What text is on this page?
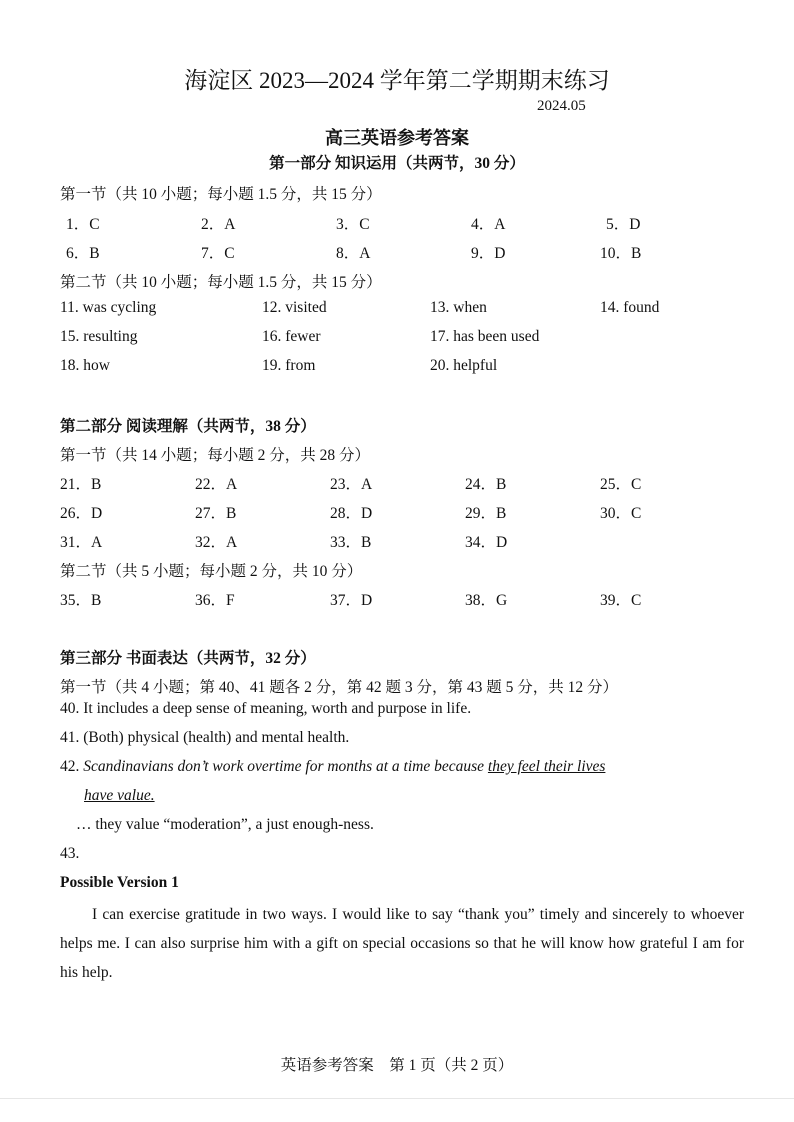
海淀区 2023—2024 学年第二学期期末练习
2024.05
高三英语参考答案
第一部分 知识运用（共两节，30 分）
第一节（共 10 小题；每小题 1.5 分，共 15 分）
1．C	2．A	3．C	4．A	5．D
6．B	7．C	8．A	9．D	10．B
第二节（共 10 小题；每小题 1.5 分，共 15 分）
11. was cycling	12. visited	13. when	14. found
15. resulting	16. fewer	17. has been used
18. how	19. from	20. helpful
第二部分 阅读理解（共两节，38 分）
第一节（共 14 小题；每小题 2 分，共 28 分）
21．B	22．A	23．A	24．B	25．C
26．D	27．B	28．D	29．B	30．C
31．A	32．A	33．B	34．D
第二节（共 5 小题；每小题 2 分，共 10 分）
35．B	36．F	37．D	38．G	39．C
第三部分 书面表达（共两节，32 分）
第一节（共 4 小题；第 40、41 题各 2 分，第 42 题 3 分，第 43 题 5 分，共 12 分）
40. It includes a deep sense of meaning, worth and purpose in life.
41. (Both) physical (health) and mental health.
42. Scandinavians don’t work overtime for months at a time because they feel their lives
have value.
… they value “moderation”, a just enough-ness.
43.
Possible Version 1
I can exercise gratitude in two ways. I would like to say “thank you” timely and sincerely to whoever helps me. I can also surprise him with a gift on special occasions so that he will know how grateful I am for his help.
英语参考答案　第 1 页（共 2 页）
